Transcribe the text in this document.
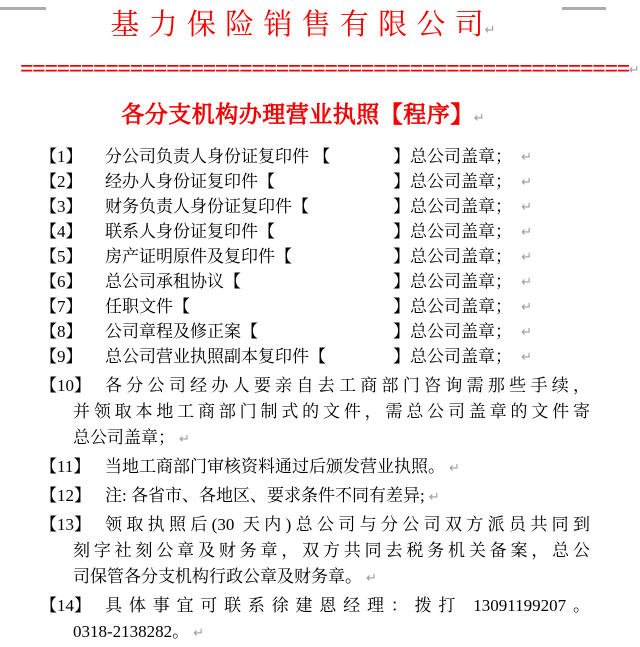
基 力 保 险 销 售 有 限 公 司↵
==================================================↵
各分支机构办理营业执照【程序】↵
【1】 分公司负责人身份证复印件 【	】总公司盖章； ↵
【2】 经办人身份证复印件【	】总公司盖章； ↵
【3】 财务负责人身份证复印件【	】总公司盖章； ↵
【4】 联系人身份证复印件【	】总公司盖章； ↵
【5】 房产证明原件及复印件【	】总公司盖章； ↵
【6】 总公司承租协议【	】总公司盖章； ↵
【7】 任职文件【	】总公司盖章； ↵
【8】 公司章程及修正案【	】总公司盖章； ↵
【9】 总公司营业执照副本复印件【	】总公司盖章； ↵
【10】 各分公司经办人要亲自去工商部门咨询需那些手续，
并领取本地工商部门制式的文件，需总公司盖章的文件寄
总公司盖章； ↵
【11】 当地工商部门审核资料通过后颁发营业执照。 ↵
【12】 注: 各省市、各地区、要求条件不同有差异; ↵
【13】 领取执照后(30 天内)总公司与分公司双方派员共同到
刻字社刻公章及财务章，双方共同去税务机关备案，总公
司保管各分支机构行政公章及财务章。 ↵
【14】 具体事宜可联系徐建恩经理：拨打 13091199207。
0318-2138282。 ↵
